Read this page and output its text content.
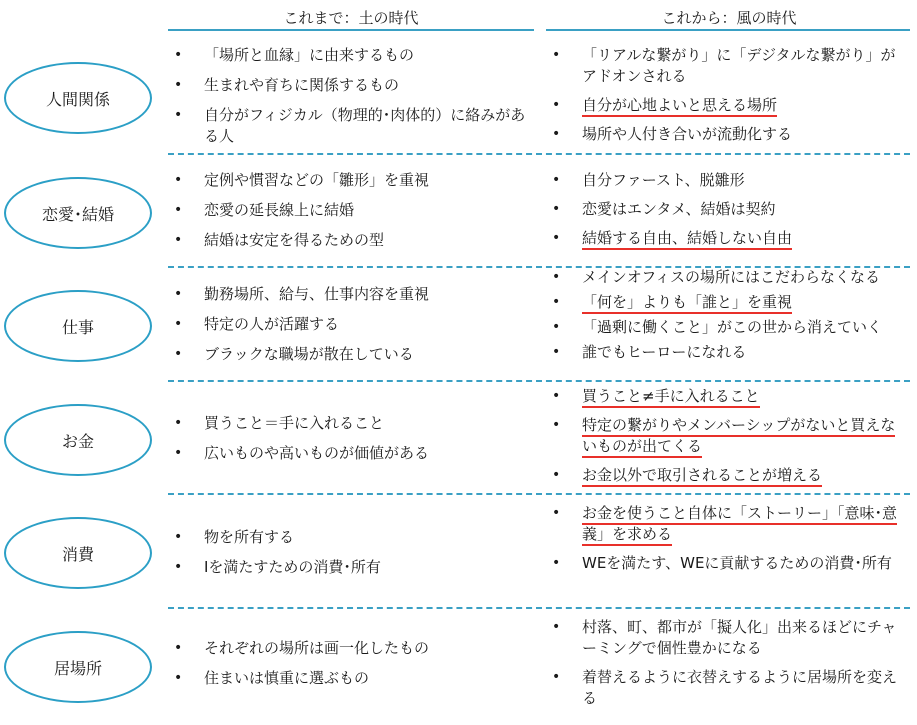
これまで：土の時代	これから：風の時代
人間関係
• 「場所と血縁」に由来するもの
• 生まれや育ちに関係するもの
• 自分がフィジカル（物理的･肉体的）に絡みがある人
• 「リアルな繋がり」に「デジタルな繋がり」がアドオンされる
• 自分が心地よいと思える場所
• 場所や人付き合いが流動化する
恋愛･結婚
• 定例や慣習などの「雛形」を重視
• 恋愛の延長線上に結婚
• 結婚は安定を得るための型
• 自分ファースト、脱雛形
• 恋愛はエンタメ、結婚は契約
• 結婚する自由、結婚しない自由
仕事
• 勤務場所、給与、仕事内容を重視
• 特定の人が活躍する
• ブラックな職場が散在している
• メインオフィスの場所にはこだわらなくなる
• 「何を」よりも「誰と」を重視
• 「過剰に働くこと」がこの世から消えていく
• 誰でもヒーローになれる
お金
• 買うこと＝手に入れること
• 広いものや高いものが価値がある
• 買うこと≠手に入れること
• 特定の繋がりやメンバーシップがないと買えないものが出てくる
• お金以外で取引されることが増える
消費
• 物を所有する
• Iを満たすための消費･所有
• お金を使うこと自体に「ストーリー」「意味･意義」を求める
• WEを満たす、WEに貢献するための消費･所有
居場所
• それぞれの場所は画一化したもの
• 住まいは慎重に選ぶもの
• 村落、町、都市が「擬人化」出来るほどにチャーミングで個性豊かになる
• 着替えるように衣替えするように居場所を変える
